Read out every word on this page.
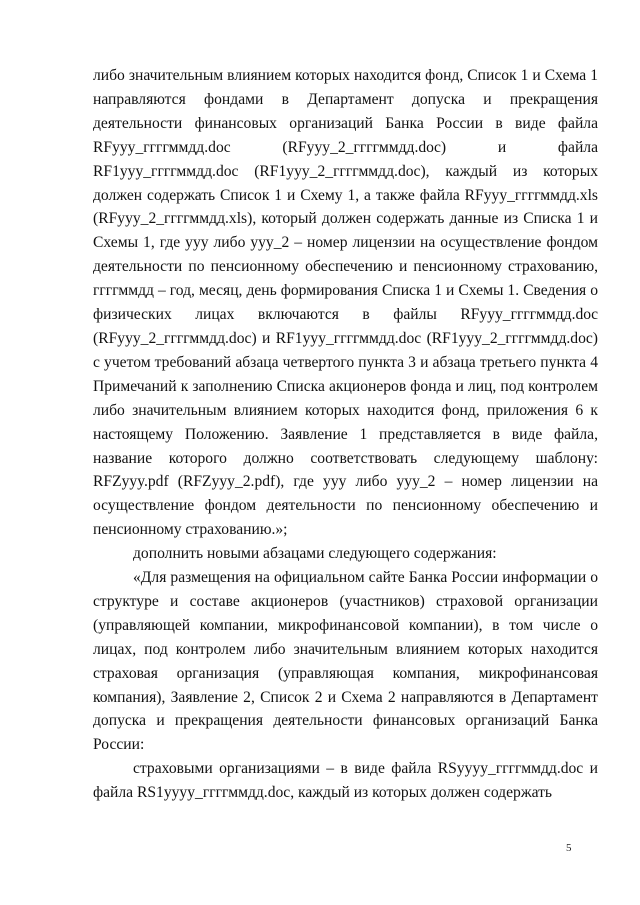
либо значительным влиянием которых находится фонд, Список 1 и Схема 1 направляются фондами в Департамент допуска и прекращения деятельности финансовых организаций Банка России в виде файла RFyyy_ггггммдд.doc (RFyyy_2_ггггммдд.doc) и файла RF1yyy_ггггммдд.doc (RF1yyy_2_ггггммдд.doc), каждый из которых должен содержать Список 1 и Схему 1, а также файла RFyyy_ггггммдд.xls (RFyyy_2_ггггммдд.xls), который должен содержать данные из Списка 1 и Схемы 1, где ууу либо ууу_2 – номер лицензии на осуществление фондом деятельности по пенсионному обеспечению и пенсионному страхованию, ггггммдд – год, месяц, день формирования Списка 1 и Схемы 1. Сведения о физических лицах включаются в файлы RFyyy_ггггммдд.doc (RFyyy_2_ггггммдд.doc) и RF1yyy_ггггммдд.doc (RF1yyy_2_ггггммдд.doc) с учетом требований абзаца четвертого пункта 3 и абзаца третьего пункта 4 Примечаний к заполнению Списка акционеров фонда и лиц, под контролем либо значительным влиянием которых находится фонд, приложения 6 к настоящему Положению. Заявление 1 представляется в виде файла, название которого должно соответствовать следующему шаблону: RFZyyy.pdf (RFZyyy_2.pdf), где ууу либо ууу_2 – номер лицензии на осуществление фондом деятельности по пенсионному обеспечению и пенсионному страхованию.»;

дополнить новыми абзацами следующего содержания:

«Для размещения на официальном сайте Банка России информации о структуре и составе акционеров (участников) страховой организации (управляющей компании, микрофинансовой компании), в том числе о лицах, под контролем либо значительным влиянием которых находится страховая организация (управляющая компания, микрофинансовая компания), Заявление 2, Список 2 и Схема 2 направляются в Департамент допуска и прекращения деятельности финансовых организаций Банка России:

страховыми организациями – в виде файла RSyyyy_ггггммдд.doc и файла RS1yyyy_ггггммдд.doc, каждый из которых должен содержать

5
